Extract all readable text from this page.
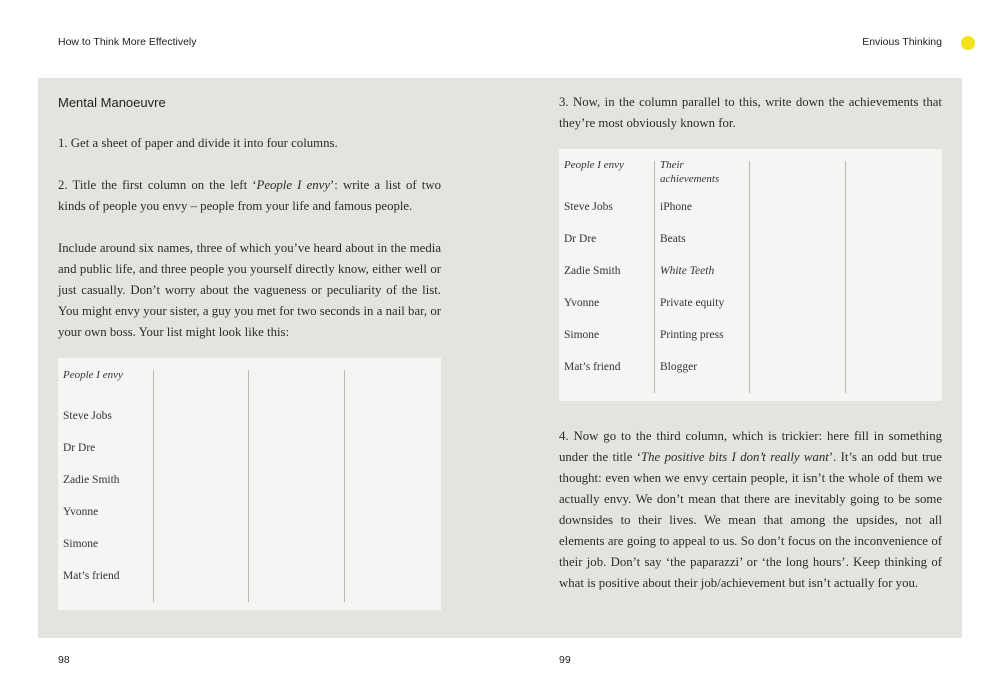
How to Think More Effectively	Envious Thinking
Mental Manoeuvre

1. Get a sheet of paper and divide it into four columns.

2. Title the first column on the left ‘People I envy’: write a list of two kinds of people you envy – people from your life and famous people.

Include around six names, three of which you’ve heard about in the media and public life, and three people you yourself directly know, either well or just casually. Don’t worry about the vagueness or peculiarity of the list. You might envy your sister, a guy you met for two seconds in a nail bar, or your own boss. Your list might look like this:

People I envy
Steve Jobs
Dr Dre
Zadie Smith
Yvonne
Simone
Mat’s friend

3. Now, in the column parallel to this, write down the achievements that they’re most obviously known for.

People I envy	Their achievements
Steve Jobs	iPhone
Dr Dre	Beats
Zadie Smith	White Teeth
Yvonne	Private equity
Simone	Printing press
Mat’s friend	Blogger

4. Now go to the third column, which is trickier: here fill in something under the title ‘The positive bits I don’t really want’. It’s an odd but true thought: even when we envy certain people, it isn’t the whole of them we actually envy. We don’t mean that there are inevitably going to be some downsides to their lives. We mean that among the upsides, not all elements are going to appeal to us. So don’t focus on the inconvenience of their job. Don’t say ‘the paparazzi’ or ‘the long hours’. Keep thinking of what is positive about their job/achievement but isn’t actually for you.

98	99
